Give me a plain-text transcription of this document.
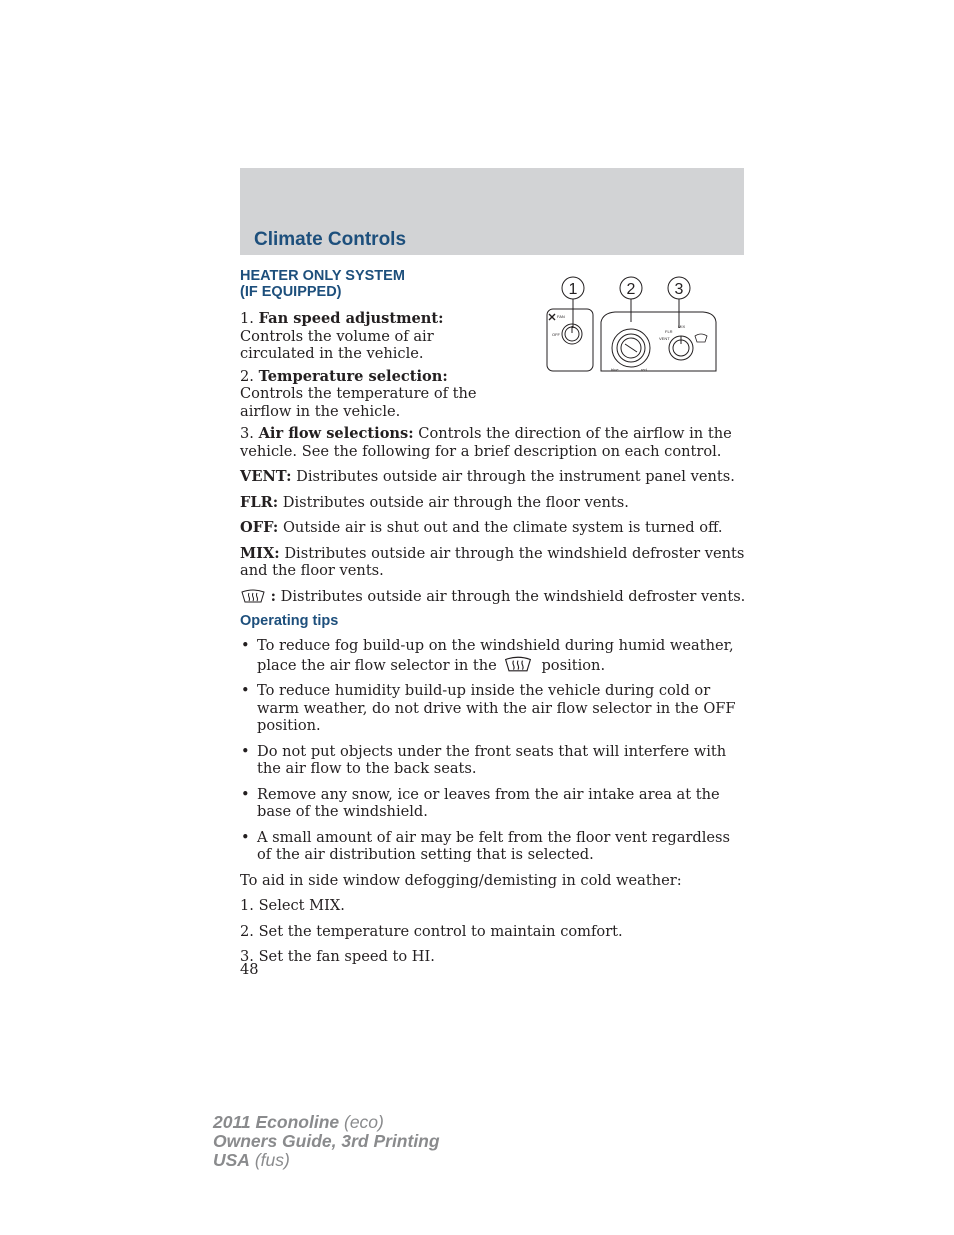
Climate Controls
1	2 3
FAN
OFF
MIX
FLR
VENT
blue	red
HEATER ONLY SYSTEM
(IF EQUIPPED)

1. Fan speed adjustment: Controls the volume of air circulated in the vehicle.

2. Temperature selection: Controls the temperature of the airflow in the vehicle.

3. Air flow selections: Controls the direction of the airflow in the vehicle. See the following for a brief description on each control.

VENT: Distributes outside air through the instrument panel vents.

FLR: Distributes outside air through the floor vents.

OFF: Outside air is shut out and the climate system is turned off.

MIX: Distributes outside air through the windshield defroster vents and the floor vents.

: Distributes outside air through the windshield defroster vents.

Operating tips
• To reduce fog build-up on the windshield during humid weather, place the air flow selector in the	position.
• To reduce humidity build-up inside the vehicle during cold or warm weather, do not drive with the air flow selector in the OFF position.
• Do not put objects under the front seats that will interfere with the air flow to the back seats.
• Remove any snow, ice or leaves from the air intake area at the base of the windshield.
• A small amount of air may be felt from the floor vent regardless of the air distribution setting that is selected.

To aid in side window defogging/demisting in cold weather:

1. Select MIX.

2. Set the temperature control to maintain comfort.

3. Set the fan speed to HI.

48
2011 Econoline (eco)
Owners Guide, 3rd Printing
USA (fus)
